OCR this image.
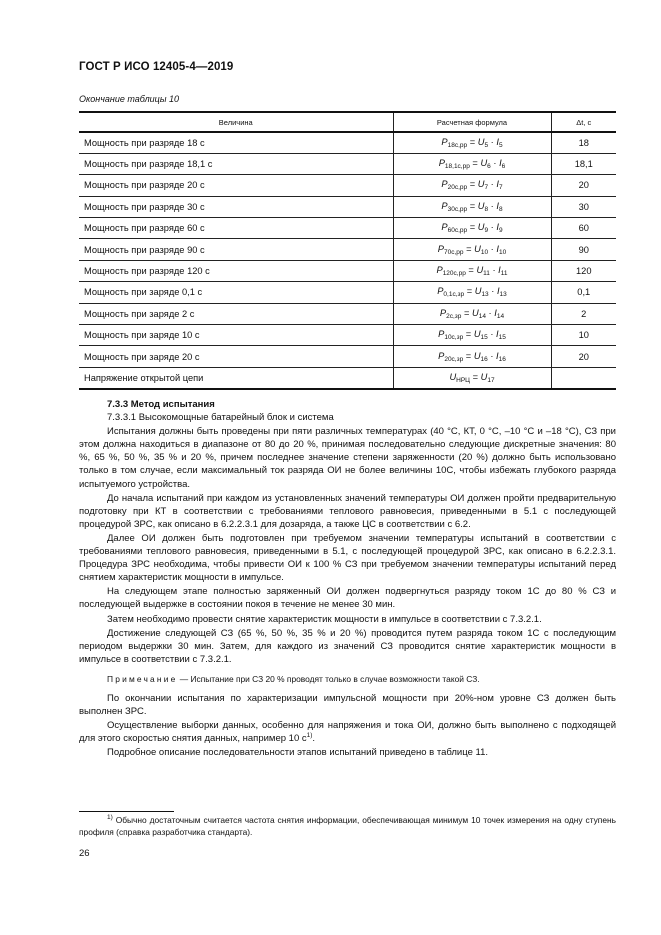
ГОСТ Р ИСО 12405-4—2019
Окончание таблицы 10
Величина	Расчетная формула	Δt, с
Мощность при разряде 18 с	$P_{18c,pp} = U_5 \cdot I_5$	18
Мощность при разряде 18,1 с	$P_{18,1c,pp} = U_6 \cdot I_6$	18,1
Мощность при разряде 20 с	$P_{20c,pp} = U_7 \cdot I_7$	20
Мощность при разряде 30 с	$P_{30c,pp} = U_8 \cdot I_8$	30
Мощность при разряде 60 с	$P_{60c,pp} = U_9 \cdot I_9$	60
Мощность при разряде 90 с	$P_{70c,pp} = U_{10} \cdot I_{10}$	90
Мощность при разряде 120 с	$P_{120c,pp} = U_{11} \cdot I_{11}$	120
Мощность при заряде 0,1 с	$P_{0,1c,зp} = U_{13} \cdot I_{13}$	0,1
Мощность при заряде 2 с	$P_{2c,зp} = U_{14} \cdot I_{14}$	2
Мощность при заряде 10 с	$P_{10c,зp} = U_{15} \cdot I_{15}$	10
Мощность при заряде 20 с	$P_{20c,зp} = U_{16} \cdot I_{16}$	20
Напряжение открытой цепи	$U_{НРЦ} = U_{17}$	

7.3.3 Метод испытания

7.3.3.1 Высокомощные батарейный блок и система

Испытания должны быть проведены при пяти различных температурах (40 °С, КТ, 0 °С, –10 °С и –18 °С), СЗ при этом должна находиться в диапазоне от 80 до 20 %, принимая последовательно следующие дискретные значения: 80 %, 65 %, 50 %, 35 % и 20 %, причем последнее значение степени заряженности (20 %) должно быть использовано только в том случае, если максимальный ток разряда ОИ не более величины 10C, чтобы избежать глубокого разряда испытуемого устройства.

До начала испытаний при каждом из установленных значений температуры ОИ должен пройти предварительную подготовку при КТ в соответствии с требованиями теплового равновесия, приведенными в 5.1 с последующей процедурой ЗРС, как описано в 6.2.2.3.1 для дозаряда, а также ЦС в соответствии с 6.2.

Далее ОИ должен быть подготовлен при требуемом значении температуры испытаний в соответствии с требованиями теплового равновесия, приведенными в 5.1, с последующей процедурой ЗРС, как описано в 6.2.2.3.1. Процедура ЗРС необходима, чтобы привести ОИ к 100 % СЗ при требуемом значении температуры испытаний перед снятием характеристик мощности в импульсе.

На следующем этапе полностью заряженный ОИ должен подвергнуться разряду током 1C до 80 % СЗ и последующей выдержке в состоянии покоя в течение не менее 30 мин.

Затем необходимо провести снятие характеристик мощности в импульсе в соответствии с 7.3.2.1.

Достижение следующей СЗ (65 %, 50 %, 35 % и 20 %) проводится путем разряда током 1C с последующим периодом выдержки 30 мин. Затем, для каждого из значений СЗ проводится снятие характеристик мощности в импульсе в соответствии с 7.3.2.1.

Примечание — Испытание при СЗ 20 % проводят только в случае возможности такой СЗ.

По окончании испытания по характеризации импульсной мощности при 20%-ном уровне СЗ должен быть выполнен ЗРС.

Осуществление выборки данных, особенно для напряжения и тока ОИ, должно быть выполнено с подходящей для этого скоростью снятия данных, например 10 $с^{1)}$.

Подробное описание последовательности этапов испытаний приведено в таблице 11.

$^{1)}$ Обычно достаточным считается частота снятия информации, обеспечивающая минимум 10 точек измерения на одну ступень профиля (справка разработчика стандарта).
26
